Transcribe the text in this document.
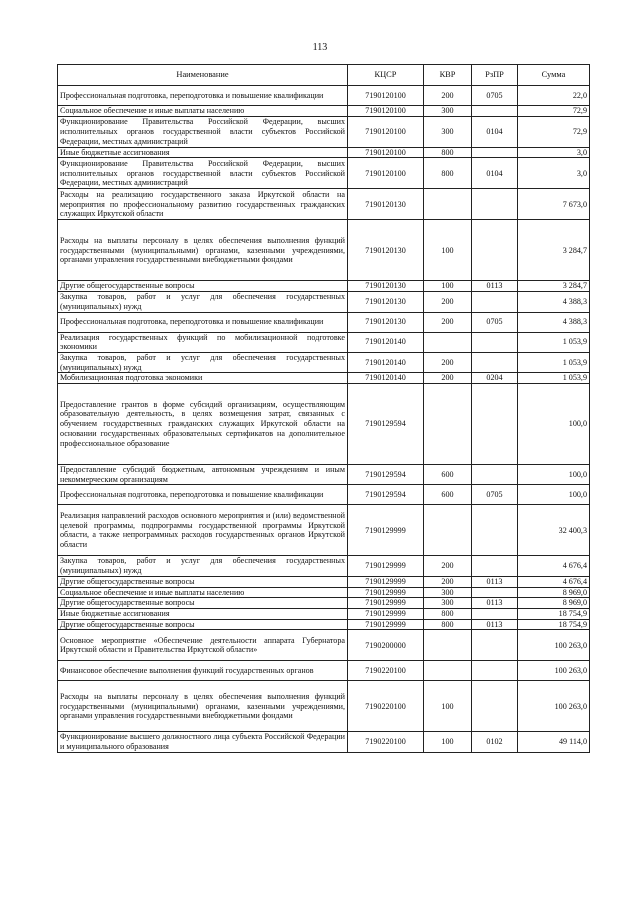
113
Наименование	КЦСР	КВР	РзПР	Сумма
Профессиональная подготовка, переподготовка и повышение квалификации	7190120100	200	0705	22,0
Социальное обеспечение и иные выплаты населению	7190120100	300		72,9
Функционирование Правительства Российской Федерации, высших исполнительных органов государственной власти субъектов Российской Федерации, местных администраций	7190120100	300	0104	72,9
Иные бюджетные ассигнования	7190120100	800		3,0
Функционирование Правительства Российской Федерации, высших исполнительных органов государственной власти субъектов Российской Федерации, местных администраций	7190120100	800	0104	3,0
Расходы на реализацию государственного заказа Иркутской области на мероприятия по профессиональному развитию государственных гражданских служащих Иркутской области	7190120130			7 673,0
Расходы на выплаты персоналу в целях обеспечения выполнения функций государственными (муниципальными) органами, казенными учреждениями, органами управления государственными внебюджетными фондами	7190120130	100		3 284,7
Другие общегосударственные вопросы	7190120130	100	0113	3 284,7
Закупка товаров, работ и услуг для обеспечения государственных (муниципальных) нужд	7190120130	200		4 388,3
Профессиональная подготовка, переподготовка и повышение квалификации	7190120130	200	0705	4 388,3
Реализация государственных функций по мобилизационной подготовке экономики	7190120140			1 053,9
Закупка товаров, работ и услуг для обеспечения государственных (муниципальных) нужд	7190120140	200		1 053,9
Мобилизационная подготовка экономики	7190120140	200	0204	1 053,9
Предоставление грантов в форме субсидий организациям, осуществляющим образовательную деятельность, в целях возмещения затрат, связанных с обучением государственных гражданских служащих Иркутской области на основании государственных образовательных сертификатов на дополнительное профессиональное образование	7190129594			100,0
Предоставление субсидий бюджетным, автономным учреждениям и иным некоммерческим организациям	7190129594	600		100,0
Профессиональная подготовка, переподготовка и повышение квалификации	7190129594	600	0705	100,0
Реализация направлений расходов основного мероприятия и (или) ведомственной целевой программы, подпрограммы государственной программы Иркутской области, а также непрограммных расходов государственных органов Иркутской области	7190129999			32 400,3
Закупка товаров, работ и услуг для обеспечения государственных (муниципальных) нужд	7190129999	200		4 676,4
Другие общегосударственные вопросы	7190129999	200	0113	4 676,4
Социальное обеспечение и иные выплаты населению	7190129999	300		8 969,0
Другие общегосударственные вопросы	7190129999	300	0113	8 969,0
Иные бюджетные ассигнования	7190129999	800		18 754,9
Другие общегосударственные вопросы	7190129999	800	0113	18 754,9
Основное мероприятие «Обеспечение деятельности аппарата Губернатора Иркутской области и Правительства Иркутской области»	7190200000			100 263,0
Финансовое обеспечение выполнения функций государственных органов	7190220100			100 263,0
Расходы на выплаты персоналу в целях обеспечения выполнения функций государственными (муниципальными) органами, казенными учреждениями, органами управления государственными внебюджетными фондами	7190220100	100		100 263,0
Функционирование высшего должностного лица субъекта Российской Федерации и муниципального образования	7190220100	100	0102	49 114,0
